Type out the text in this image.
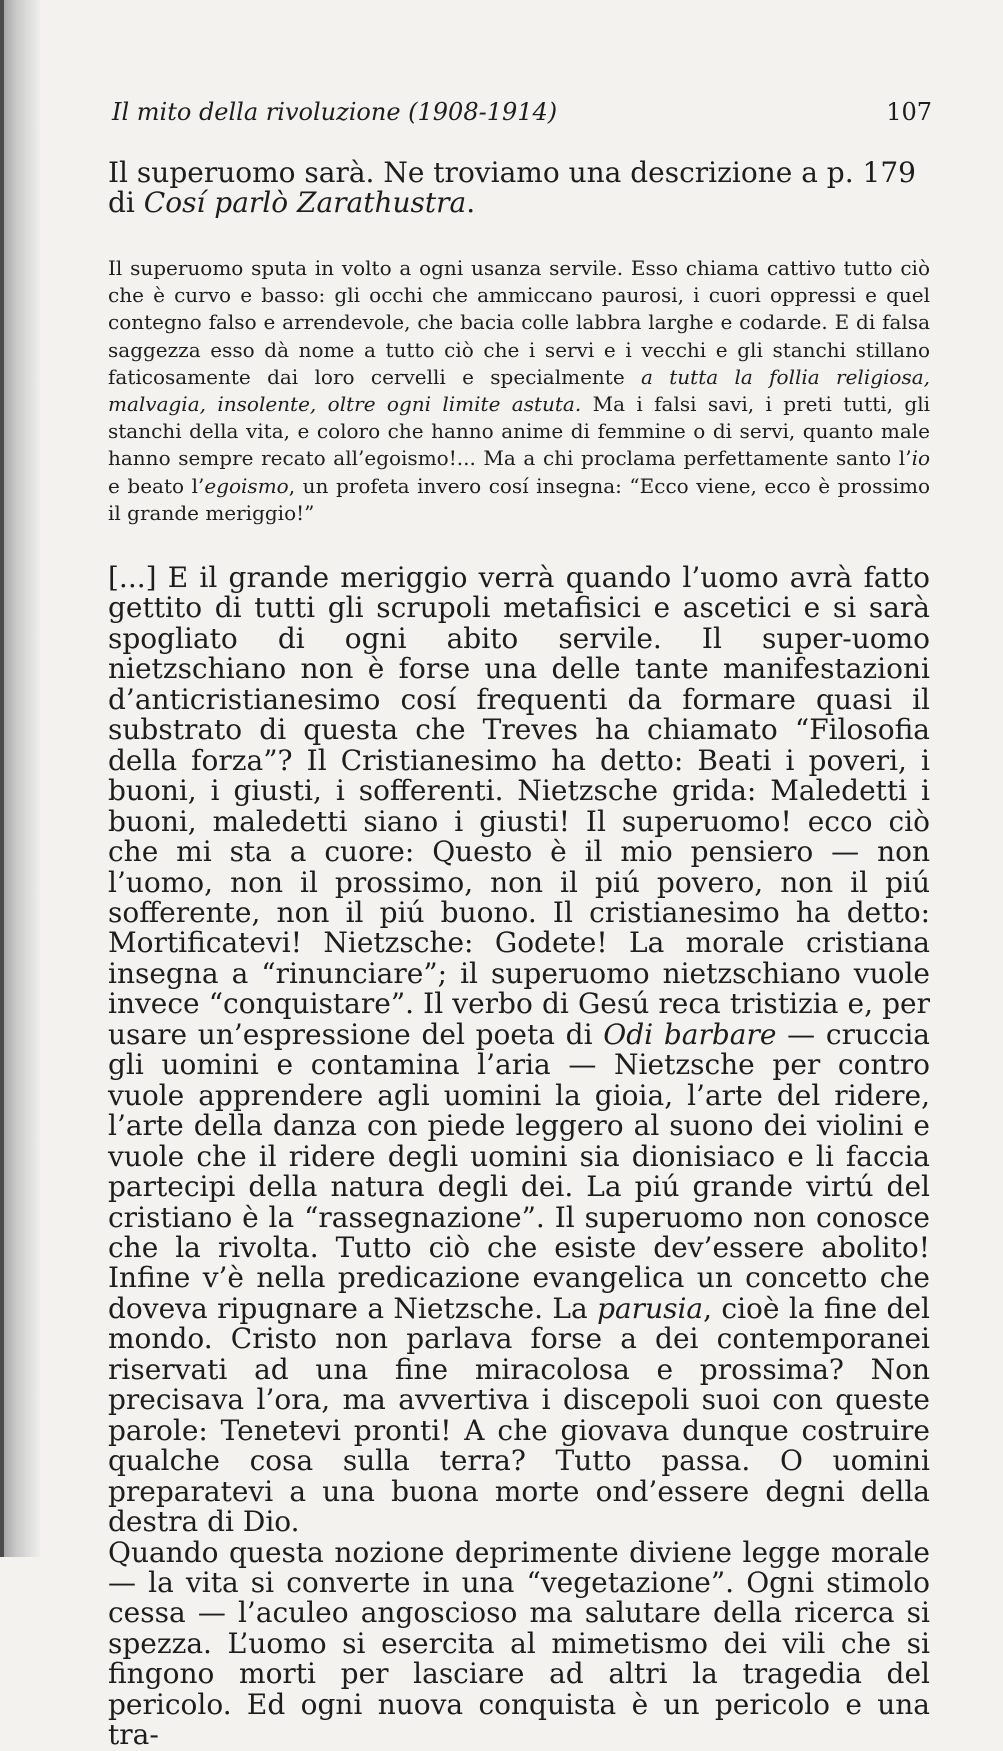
Il mito della rivoluzione (1908-1914)	107

Il superuomo sarà. Ne troviamo una descrizione a p. 179 di Cosí parlò Zarathustra.

Il superuomo sputa in volto a ogni usanza servile. Esso chiama cattivo tutto ciò che è curvo e basso: gli occhi che ammiccano paurosi, i cuori oppressi e quel contegno falso e arrendevole, che bacia colle labbra larghe e codarde. E di falsa saggezza esso dà nome a tutto ciò che i servi e i vecchi e gli stanchi stillano faticosamente dai loro cervelli e specialmente a tutta la follia religiosa, malvagia, insolente, oltre ogni limite astuta. Ma i falsi savi, i preti tutti, gli stanchi della vita, e coloro che hanno anime di femmine o di servi, quanto male hanno sempre recato all’egoismo!... Ma a chi proclama perfettamente santo l’io e beato l’egoismo, un profeta invero cosí insegna: “Ecco viene, ecco è prossimo il grande meriggio!”

[...] E il grande meriggio verrà quando l’uomo avrà fatto gettito di tutti gli scrupoli metafisici e ascetici e si sarà spogliato di ogni abito servile. Il super-uomo nietzschiano non è forse una delle tante manifestazioni d’anticristianesimo cosí frequenti da formare quasi il substrato di questa che Treves ha chiamato “Filosofia della forza”? Il Cristianesimo ha detto: Beati i poveri, i buoni, i giusti, i sofferenti. Nietzsche grida: Maledetti i buoni, maledetti siano i giusti! Il superuomo! ecco ciò che mi sta a cuore: Questo è il mio pensiero — non l’uomo, non il prossimo, non il piú povero, non il piú sofferente, non il piú buono. Il cristianesimo ha detto: Mortificatevi! Nietzsche: Godete! La morale cristiana insegna a “rinunciare”; il superuomo nietzschiano vuole invece “conquistare”. Il verbo di Gesú reca tristizia e, per usare un’espressione del poeta di Odi barbare — cruccia gli uomini e contamina l’aria — Nietzsche per contro vuole apprendere agli uomini la gioia, l’arte del ridere, l’arte della danza con piede leggero al suono dei violini e vuole che il ridere degli uomini sia dionisiaco e li faccia partecipi della natura degli dei. La piú grande virtú del cristiano è la “rassegnazione”. Il superuomo non conosce che la rivolta. Tutto ciò che esiste dev’essere abolito! Infine v’è nella predicazione evangelica un concetto che doveva ripugnare a Nietzsche. La parusia, cioè la fine del mondo. Cristo non parlava forse a dei contemporanei riservati ad una fine miracolosa e prossima? Non precisava l’ora, ma avvertiva i discepoli suoi con queste parole: Tenetevi pronti! A che giovava dunque costruire qualche cosa sulla terra? Tutto passa. O uomini preparatevi a una buona morte ond’essere degni della destra di Dio.

Quando questa nozione deprimente diviene legge morale — la vita si converte in una “vegetazione”. Ogni stimolo cessa — l’aculeo angoscioso ma salutare della ricerca si spezza. L’uomo si esercita al mimetismo dei vili che si fingono morti per lasciare ad altri la tragedia del pericolo. Ed ogni nuova conquista è un pericolo e una tra-
